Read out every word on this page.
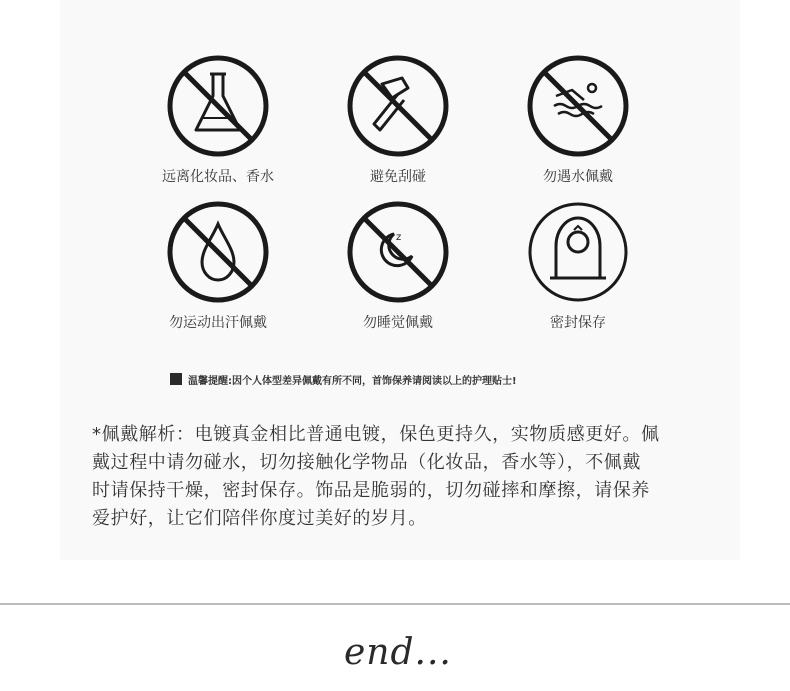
远离化妆品、香水	避免刮碰	勿遇水佩戴
勿运动出汗佩戴
z
勿睡觉佩戴	密封保存
温馨提醒:因个人体型差异佩戴有所不同，首饰保养请阅读以上的护理贴士!
*佩戴解析：电镀真金相比普通电镀，保色更持久，实物质感更好。佩
戴过程中请勿碰水，切勿接触化学物品（化妆品，香水等），不佩戴
时请保持干燥，密封保存。饰品是脆弱的，切勿碰摔和摩擦，请保养
爱护好，让它们陪伴你度过美好的岁月。
end...
